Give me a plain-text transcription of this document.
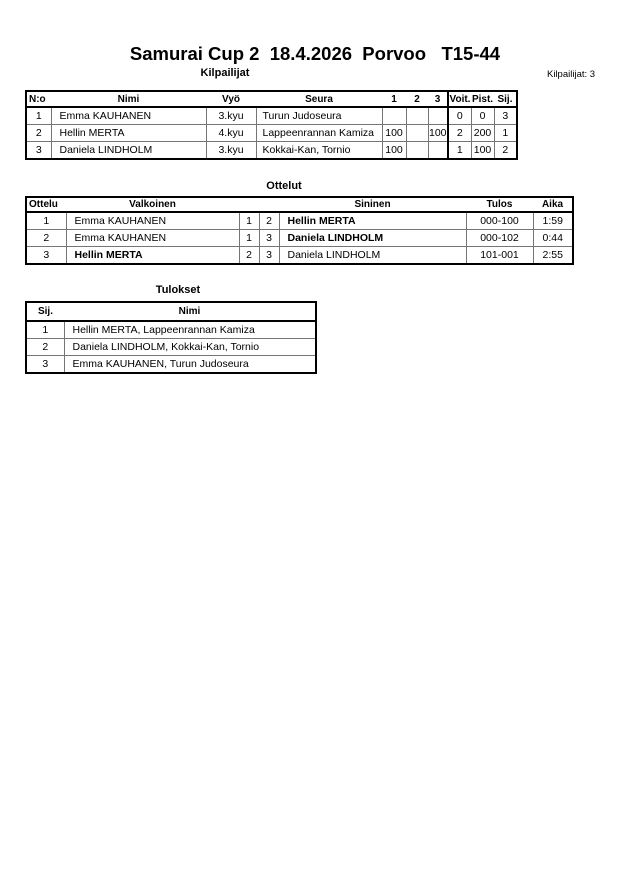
Samurai Cup 2  18.4.2026  Porvoo   T15-44
Kilpailijat	Kilpailijat: 3
N:o	Nimi	Vyö	Seura	1	2	3	Voit.	Pist.	Sij.
1	Emma KAUHANEN	3.kyu	Turun Judoseura				0	0	3
2	Hellin MERTA	4.kyu	Lappeenrannan Kamiza	100		100	2	200	1
3	Daniela LINDHOLM	3.kyu	Kokkai-Kan, Tornio	100			1	100	2
Ottelut
Ottelu	Valkoinen			Sininen	Tulos	Aika
1	Emma KAUHANEN	1	2	Hellin MERTA	000-100	1:59
2	Emma KAUHANEN	1	3	Daniela LINDHOLM	000-102	0:44
3	Hellin MERTA	2	3	Daniela LINDHOLM	101-001	2:55
Tulokset
Sij.	Nimi
1	Hellin MERTA, Lappeenrannan Kamiza
2	Daniela LINDHOLM, Kokkai-Kan, Tornio
3	Emma KAUHANEN, Turun Judoseura
